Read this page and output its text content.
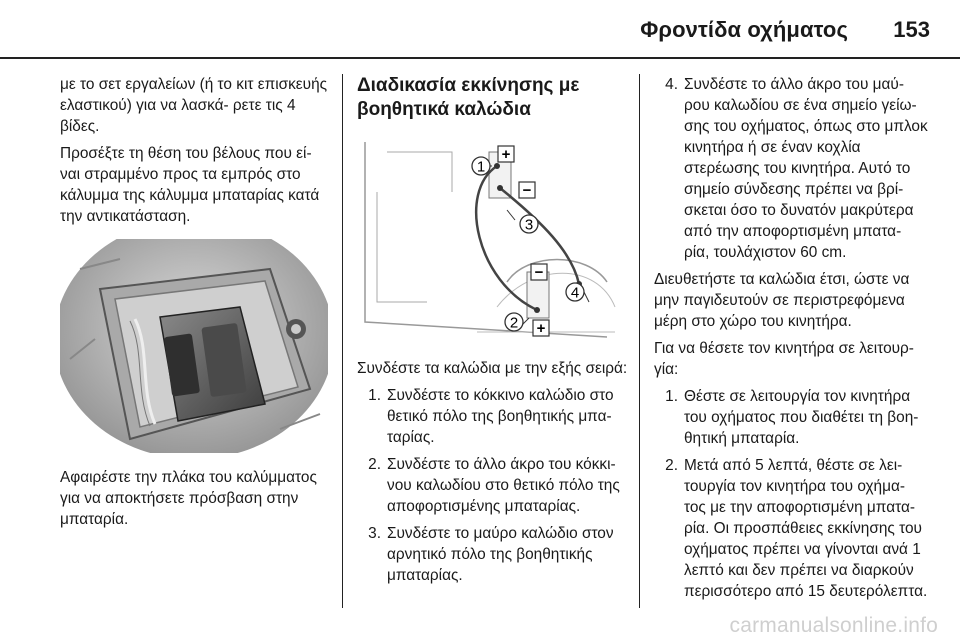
Φροντίδα οχήματος 153

με το σετ εργαλείων (ή το κιτ επισκευής ελαστικού) για να λασκά- ρετε τις 4 βίδες.

Προσέξτε τη θέση του βέλους που εί- ναι στραμμένο προς τα εμπρός στο κάλυμμα της κάλυμμα μπαταρίας κατά την αντικατάσταση.

Αφαιρέστε την πλάκα του καλύμματος για να αποκτήσετε πρόσβαση στην μπαταρία.

Διαδικασία εκκίνησης με βοηθητικά καλώδια
+
−
−
+
1
3
4
2

Συνδέστε τα καλώδια με την εξής σειρά:

1. Συνδέστε το κόκκινο καλώδιο στο θετικό πόλο της βοηθητικής μπα- ταρίας.
2. Συνδέστε το άλλο άκρο του κόκκι- νου καλωδίου στο θετικό πόλο της αποφορτισμένης μπαταρίας.
3. Συνδέστε το μαύρο καλώδιο στον αρνητικό πόλο της βοηθητικής μπαταρίας.
4. Συνδέστε το άλλο άκρο του μαύ- ρου καλωδίου σε ένα σημείο γείω- σης του οχήματος, όπως στο μπλοκ κινητήρα ή σε έναν κοχλία στερέωσης του κινητήρα. Αυτό το σημείο σύνδεσης πρέπει να βρί- σκεται όσο το δυνατόν μακρύτερα από την αποφορτισμένη μπατα- ρία, τουλάχιστον 60 cm.

Διευθετήστε τα καλώδια έτσι, ώστε να μην παγιδευτούν σε περιστρεφόμενα μέρη στο χώρο του κινητήρα.

Για να θέσετε τον κινητήρα σε λειτουρ- γία:

1. Θέστε σε λειτουργία τον κινητήρα του οχήματος που διαθέτει τη βοη- θητική μπαταρία.
2. Μετά από 5 λεπτά, θέστε σε λει- τουργία τον κινητήρα του οχήμα- τος με την αποφορτισμένη μπατα- ρία. Οι προσπάθειες εκκίνησης του οχήματος πρέπει να γίνονται ανά 1 λεπτό και δεν πρέπει να διαρκούν περισσότερο από 15 δευτερόλεπτα.
carmanualsonline.info
